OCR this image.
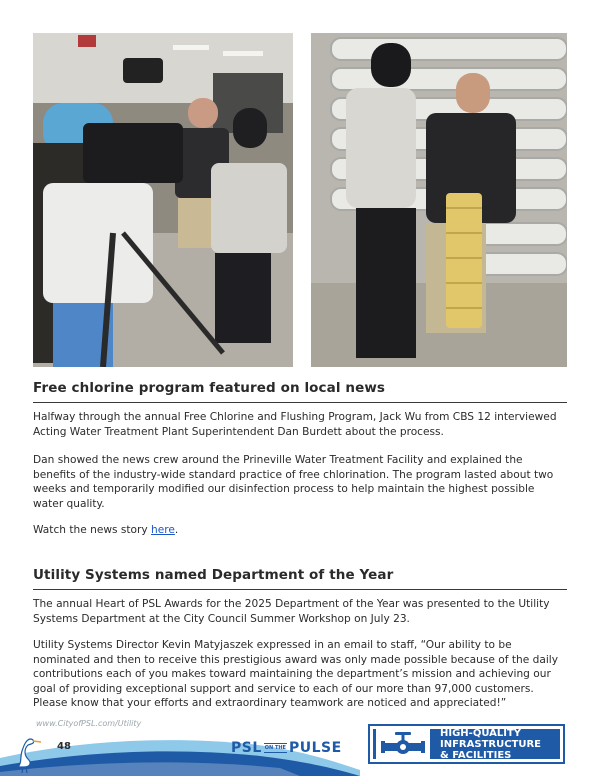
Free chlorine program featured on local news

Halfway through the annual Free Chlorine and Flushing Program, Jack Wu from CBS 12 interviewed Acting Water Treatment Plant Superintendent Dan Burdett about the process.

Dan showed the news crew around the Prineville Water Treatment Facility and explained the benefits of the industry-wide standard practice of free chlorination. The program lasted about two weeks and temporarily modified our disinfection process to help maintain the highest possible water quality.

Watch the news story here.

Utility Systems named Department of the Year

The annual Heart of PSL Awards for the 2025 Department of the Year was presented to the Utility Systems Department at the City Council Summer Workshop on July 23.

Utility Systems Director Kevin Matyjaszek expressed in an email to staff, “Our ability to be nominated and then to receive this prestigious award was only made possible because of the daily contributions each of you makes toward maintaining the department’s mission and achieving our goal of providing exceptional support and service to each of our more than 97,000 customers. Please know that your efforts and extraordinary teamwork are noticed and appreciated!”

www.CityofPSL.com/Utility
48	PSL ON THE PULSE
HIGH-QUALITY
INFRASTRUCTURE
& FACILITIES
